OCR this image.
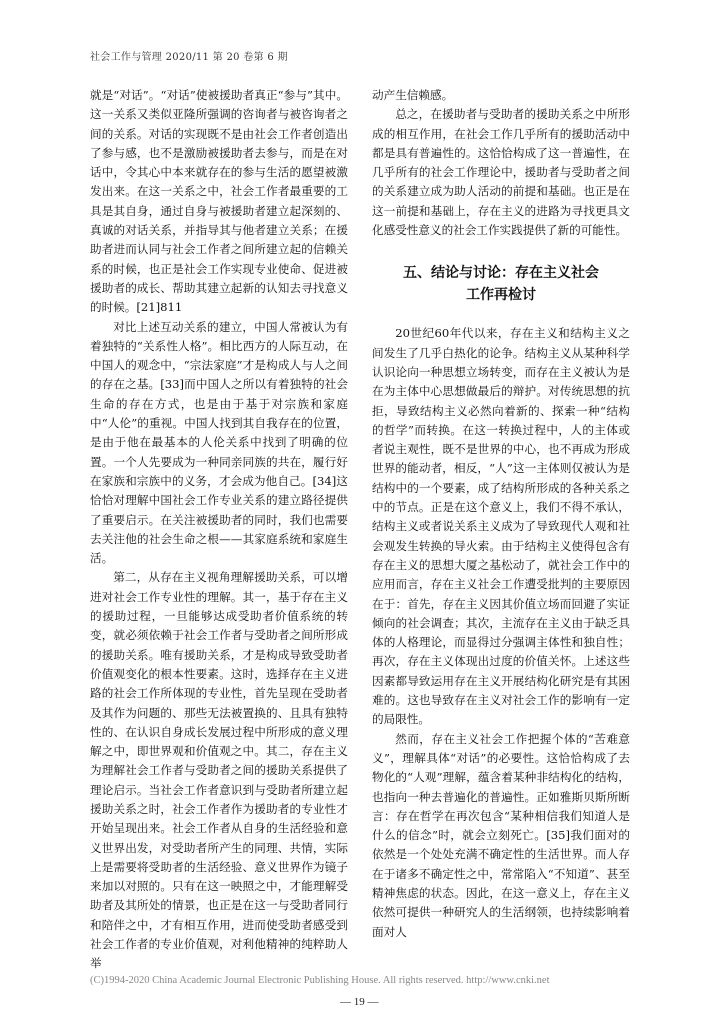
社会工作与管理 2020/11 第 20 卷第 6 期

就是“对话”。“对话”使被援助者真正“参与”其中。这一关系又类似亚隆所强调的咨询者与被咨询者之间的关系。对话的实现既不是由社会工作者创造出了参与感，也不是激励被援助者去参与，而是在对话中，令其心中本来就存在的参与生活的愿望被激发出来。在这一关系之中，社会工作者最重要的工具是其自身，通过自身与被援助者建立起深刻的、真诚的对话关系，并指导其与他者建立关系；在援助者进而认同与社会工作者之间所建立起的信赖关系的时候，也正是社会工作实现专业使命、促进被援助者的成长、帮助其建立起新的认知去寻找意义的时候。[21]811

对比上述互动关系的建立，中国人常被认为有着独特的“关系性人格”。相比西方的人际互动，在中国人的观念中，“宗法家庭”才是构成人与人之间的存在之基。[33]而中国人之所以有着独特的社会生命的存在方式，也是由于基于对宗族和家庭中“人伦”的重视。中国人找到其自我存在的位置，是由于他在最基本的人伦关系中找到了明确的位置。一个人先要成为一种同亲同族的共在，履行好在家族和宗族中的义务，才会成为他自己。[34]这恰恰对理解中国社会工作专业关系的建立路径提供了重要启示。在关注被援助者的同时，我们也需要去关注他的社会生命之根——其家庭系统和家庭生活。

第二，从存在主义视角理解援助关系，可以增进对社会工作专业性的理解。其一，基于存在主义的援助过程，一旦能够达成受助者价值系统的转变，就必须依赖于社会工作者与受助者之间所形成的援助关系。唯有援助关系，才是构成导致受助者价值观变化的根本性要素。这时，选择存在主义进路的社会工作所体现的专业性，首先呈现在受助者及其作为问题的、那些无法被置换的、且具有独特性的、在认识自身成长发展过程中所形成的意义理解之中，即世界观和价值观之中。其二，存在主义为理解社会工作者与受助者之间的援助关系提供了理论启示。当社会工作者意识到与受助者所建立起援助关系之时，社会工作者作为援助者的专业性才开始呈现出来。社会工作者从自身的生活经验和意义世界出发，对受助者所产生的同理、共情，实际上是需要将受助者的生活经验、意义世界作为镜子来加以对照的。只有在这一映照之中，才能理解受助者及其所处的情景，也正是在这一与受助者同行和陪伴之中，才有相互作用，进而使受助者感受到社会工作者的专业价值观，对利他精神的纯粹助人举

动产生信赖感。

总之，在援助者与受助者的援助关系之中所形成的相互作用，在社会工作几乎所有的援助活动中都是具有普遍性的。这恰恰构成了这一普遍性，在几乎所有的社会工作理论中，援助者与受助者之间的关系建立成为助人活动的前提和基础。也正是在这一前提和基础上，存在主义的进路为寻找更具文化感受性意义的社会工作实践提供了新的可能性。

五、结论与讨论：存在主义社会
工作再检讨

20世纪60年代以来，存在主义和结构主义之间发生了几乎白热化的论争。结构主义从某种科学认识论向一种思想立场转变，而存在主义被认为是在为主体中心思想做最后的辩护。对传统思想的抗拒，导致结构主义必然向着新的、探索一种“结构的哲学”而转换。在这一转换过程中，人的主体或者说主观性，既不是世界的中心，也不再成为形成世界的能动者，相反，“人”这一主体则仅被认为是结构中的一个要素，成了结构所形成的各种关系之中的节点。正是在这个意义上，我们不得不承认，结构主义或者说关系主义成为了导致现代人观和社会观发生转换的导火索。由于结构主义使得包含有存在主义的思想大厦之基松动了，就社会工作中的应用而言，存在主义社会工作遭受批判的主要原因在于：首先，存在主义因其价值立场而回避了实证倾向的社会调查；其次，主流存在主义由于缺乏具体的人格理论，而显得过分强调主体性和独自性；再次，存在主义体现出过度的价值关怀。上述这些因素都导致运用存在主义开展结构化研究是有其困难的。这也导致存在主义对社会工作的影响有一定的局限性。

然而，存在主义社会工作把握个体的“苦难意义”，理解具体“对话”的必要性。这恰恰构成了去物化的“人观”理解，蕴含着某种非结构化的结构，也指向一种去普遍化的普遍性。正如雅斯贝斯所断言：存在哲学在再次包含“某种相信我们知道人是什么的信念”时，就会立刻死亡。[35]我们面对的依然是一个处处充满不确定性的生活世界。而人存在于诸多不确定性之中，常常陷入“不知道”、甚至精神焦虑的状态。因此，在这一意义上，存在主义依然可提供一种研究人的生活纲领，也持续影响着面对人

(C)1994-2020 China Academic Journal Electronic Publishing House. All rights reserved. http://www.cnki.net
— 19 —
